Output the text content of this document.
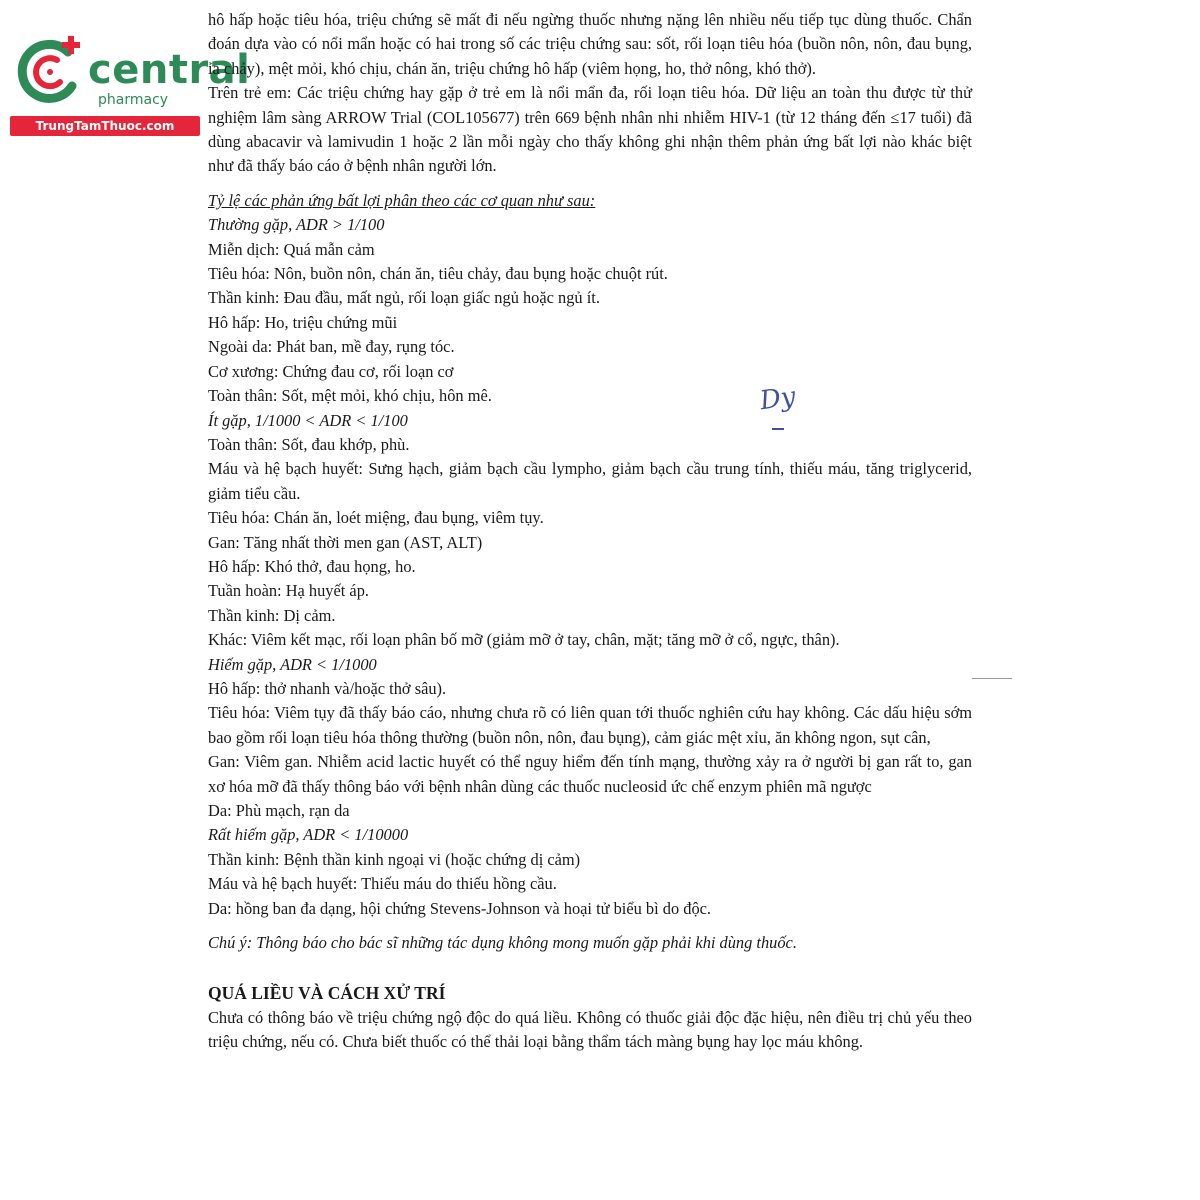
central
pharmacy
TrungTamThuoc.com
Dy

hô hấp hoặc tiêu hóa, triệu chứng sẽ mất đi nếu ngừng thuốc nhưng nặng lên nhiều nếu tiếp tục dùng thuốc. Chẩn đoán dựa vào có nổi mẩn hoặc có hai trong số các triệu chứng sau: sốt, rối loạn tiêu hóa (buồn nôn, nôn, đau bụng, ỉa chảy), mệt mỏi, khó chịu, chán ăn, triệu chứng hô hấp (viêm họng, ho, thở nông, khó thở).

Trên trẻ em: Các triệu chứng hay gặp ở trẻ em là nổi mẩn đa, rối loạn tiêu hóa. Dữ liệu an toàn thu được từ thử nghiệm lâm sàng ARROW Trial (COL105677) trên 669 bệnh nhân nhi nhiễm HIV-1 (từ 12 tháng đến ≤17 tuổi) đã dùng abacavir và lamivudin 1 hoặc 2 lần mỗi ngày cho thấy không ghi nhận thêm phản ứng bất lợi nào khác biệt như đã thấy báo cáo ở bệnh nhân người lớn.

Tỷ lệ các phản ứng bất lợi phân theo các cơ quan như sau:

Thường gặp, ADR > 1/100

Miễn dịch: Quá mẫn cảm

Tiêu hóa: Nôn, buồn nôn, chán ăn, tiêu chảy, đau bụng hoặc chuột rút.

Thần kinh: Đau đầu, mất ngủ, rối loạn giấc ngủ hoặc ngủ ít.

Hô hấp: Ho, triệu chứng mũi

Ngoài da: Phát ban, mề đay, rụng tóc.

Cơ xương: Chứng đau cơ, rối loạn cơ

Toàn thân: Sốt, mệt mỏi, khó chịu, hôn mê.

Ít gặp, 1/1000 < ADR < 1/100

Toàn thân: Sốt, đau khớp, phù.

Máu và hệ bạch huyết: Sưng hạch, giảm bạch cầu lympho, giảm bạch cầu trung tính, thiếu máu, tăng triglycerid, giảm tiểu cầu.

Tiêu hóa: Chán ăn, loét miệng, đau bụng, viêm tụy.

Gan: Tăng nhất thời men gan (AST, ALT)

Hô hấp: Khó thở, đau họng, ho.

Tuần hoàn: Hạ huyết áp.

Thần kinh: Dị cảm.

Khác: Viêm kết mạc, rối loạn phân bố mỡ (giảm mỡ ở tay, chân, mặt; tăng mỡ ở cổ, ngực, thân).

Hiếm gặp, ADR < 1/1000

Hô hấp: thở nhanh và/hoặc thở sâu).

Tiêu hóa: Viêm tụy đã thấy báo cáo, nhưng chưa rõ có liên quan tới thuốc nghiên cứu hay không. Các dấu hiệu sớm bao gồm rối loạn tiêu hóa thông thường (buồn nôn, nôn, đau bụng), cảm giác mệt xỉu, ăn không ngon, sụt cân,

Gan: Viêm gan. Nhiễm acid lactic huyết có thể nguy hiểm đến tính mạng, thường xảy ra ở người bị gan rất to, gan xơ hóa mỡ đã thấy thông báo với bệnh nhân dùng các thuốc nucleosid ức chế enzym phiên mã ngược

Da: Phù mạch, rạn da

Rất hiếm gặp, ADR < 1/10000

Thần kinh: Bệnh thần kinh ngoại vi (hoặc chứng dị cảm)

Máu và hệ bạch huyết: Thiếu máu do thiếu hồng cầu.

Da: hồng ban đa dạng, hội chứng Stevens-Johnson và hoại tử biểu bì do độc.

Chú ý: Thông báo cho bác sĩ những tác dụng không mong muốn gặp phải khi dùng thuốc.

QUÁ LIỀU VÀ CÁCH XỬ TRÍ

Chưa có thông báo về triệu chứng ngộ độc do quá liều. Không có thuốc giải độc đặc hiệu, nên điều trị chủ yếu theo triệu chứng, nếu có. Chưa biết thuốc có thể thải loại bằng thẩm tách màng bụng hay lọc máu không.
